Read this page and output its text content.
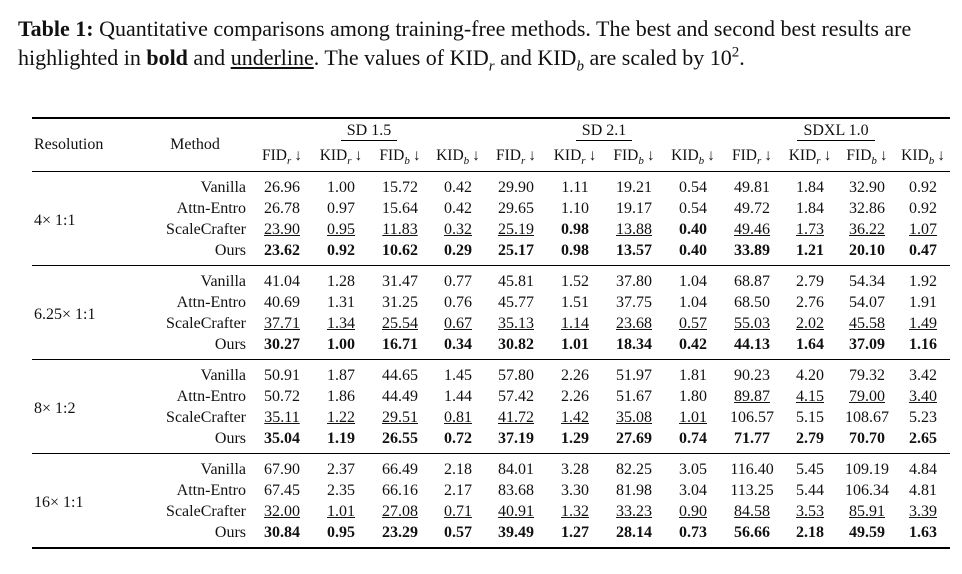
Table 1: Quantitative comparisons among training-free methods. The best and second best results are highlighted in bold and underline. The values of $KID_r$ and $KID_b$ are scaled by $10^2$.
Resolution	Method	SD 1.5				SD 2.1				SDXL 1.0			
		$FID_r$ ↓	$KID_r$ ↓	$FID_b$ ↓	$KID_b$ ↓	$FID_r$ ↓	$KID_r$ ↓	$FID_b$ ↓	$KID_b$ ↓	$FID_r$ ↓	$KID_r$ ↓	$FID_b$ ↓	$KID_b$ ↓
4× 1:1	Vanilla	26.96	1.00	15.72	0.42	29.90	1.11	19.21	0.54	49.81	1.84	32.90	0.92
	Attn-Entro	26.78	0.97	15.64	0.42	29.65	1.10	19.17	0.54	49.72	1.84	32.86	0.92
	ScaleCrafter	23.90	0.95	11.83	0.32	25.19	0.98	13.88	0.40	49.46	1.73	36.22	1.07
	Ours	23.62	0.92	10.62	0.29	25.17	0.98	13.57	0.40	33.89	1.21	20.10	0.47
6.25× 1:1	Vanilla	41.04	1.28	31.47	0.77	45.81	1.52	37.80	1.04	68.87	2.79	54.34	1.92
	Attn-Entro	40.69	1.31	31.25	0.76	45.77	1.51	37.75	1.04	68.50	2.76	54.07	1.91
	ScaleCrafter	37.71	1.34	25.54	0.67	35.13	1.14	23.68	0.57	55.03	2.02	45.58	1.49
	Ours	30.27	1.00	16.71	0.34	30.82	1.01	18.34	0.42	44.13	1.64	37.09	1.16
8× 1:2	Vanilla	50.91	1.87	44.65	1.45	57.80	2.26	51.97	1.81	90.23	4.20	79.32	3.42
	Attn-Entro	50.72	1.86	44.49	1.44	57.42	2.26	51.67	1.80	89.87	4.15	79.00	3.40
	ScaleCrafter	35.11	1.22	29.51	0.81	41.72	1.42	35.08	1.01	106.57	5.15	108.67	5.23
	Ours	35.04	1.19	26.55	0.72	37.19	1.29	27.69	0.74	71.77	2.79	70.70	2.65
16× 1:1	Vanilla	67.90	2.37	66.49	2.18	84.01	3.28	82.25	3.05	116.40	5.45	109.19	4.84
	Attn-Entro	67.45	2.35	66.16	2.17	83.68	3.30	81.98	3.04	113.25	5.44	106.34	4.81
	ScaleCrafter	32.00	1.01	27.08	0.71	40.91	1.32	33.23	0.90	84.58	3.53	85.91	3.39
	Ours	30.84	0.95	23.29	0.57	39.49	1.27	28.14	0.73	56.66	2.18	49.59	1.63
